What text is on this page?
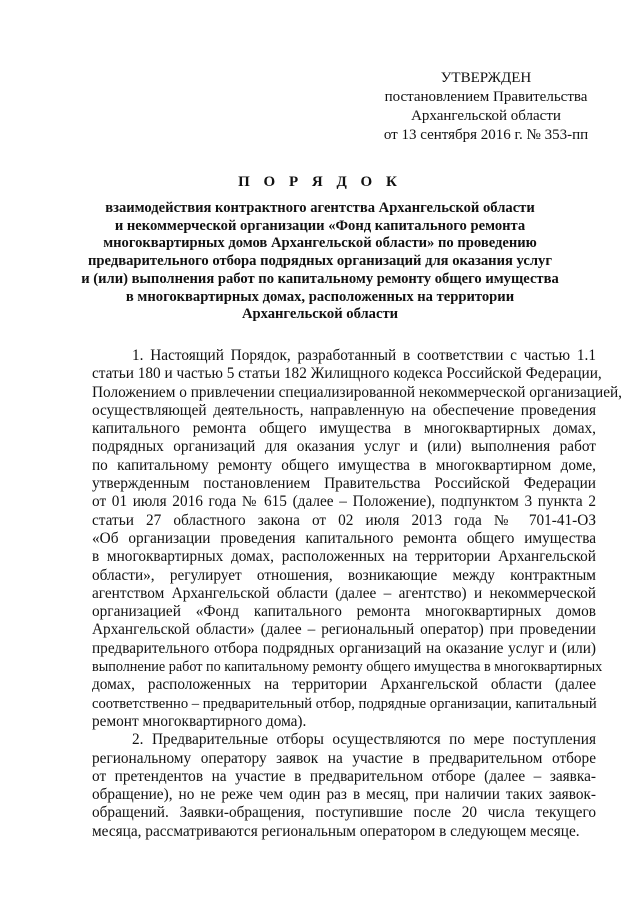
УТВЕРЖДЕН
постановлением Правительства
Архангельской области
от 13 сентября 2016 г. № 353-пп
П О Р Я Д О К
взаимодействия контрактного агентства Архангельской области
и некоммерческой организации «Фонд капитального ремонта
многоквартирных домов Архангельской области» по проведению
предварительного отбора подрядных организаций для оказания услуг
и (или) выполнения работ по капитальному ремонту общего имущества
в многоквартирных домах, расположенных на территории
Архангельской области
1. Настоящий Порядок, разработанный в соответствии с частью 1.1
статьи 180 и частью 5 статьи 182 Жилищного кодекса Российской Федерации,
Положением о привлечении специализированной некоммерческой организацией,
осуществляющей деятельность, направленную на обеспечение проведения
капитального ремонта общего имущества в многоквартирных домах,
подрядных организаций для оказания услуг и (или) выполнения работ
по капитальному ремонту общего имущества в многоквартирном доме,
утвержденным постановлением Правительства Российской Федерации
от 01 июля 2016 года № 615 (далее – Положение), подпунктом 3 пункта 2
статьи 27 областного закона от 02 июля 2013 года № 701-41-ОЗ
«Об организации проведения капитального ремонта общего имущества
в многоквартирных домах, расположенных на территории Архангельской
области», регулирует отношения, возникающие между контрактным
агентством Архангельской области (далее – агентство) и некоммерческой
организацией «Фонд капитального ремонта многоквартирных домов
Архангельской области» (далее – региональный оператор) при проведении
предварительного отбора подрядных организаций на оказание услуг и (или)
выполнение работ по капитальному ремонту общего имущества в многоквартирных
домах, расположенных на территории Архангельской области (далее
соответственно – предварительный отбор, подрядные организации, капитальный
ремонт многоквартирного дома).
2. Предварительные отборы осуществляются по мере поступления
региональному оператору заявок на участие в предварительном отборе
от претендентов на участие в предварительном отборе (далее – заявка-
обращение), но не реже чем один раз в месяц, при наличии таких заявок-
обращений. Заявки-обращения, поступившие после 20 числа текущего
месяца, рассматриваются региональным оператором в следующем месяце.
